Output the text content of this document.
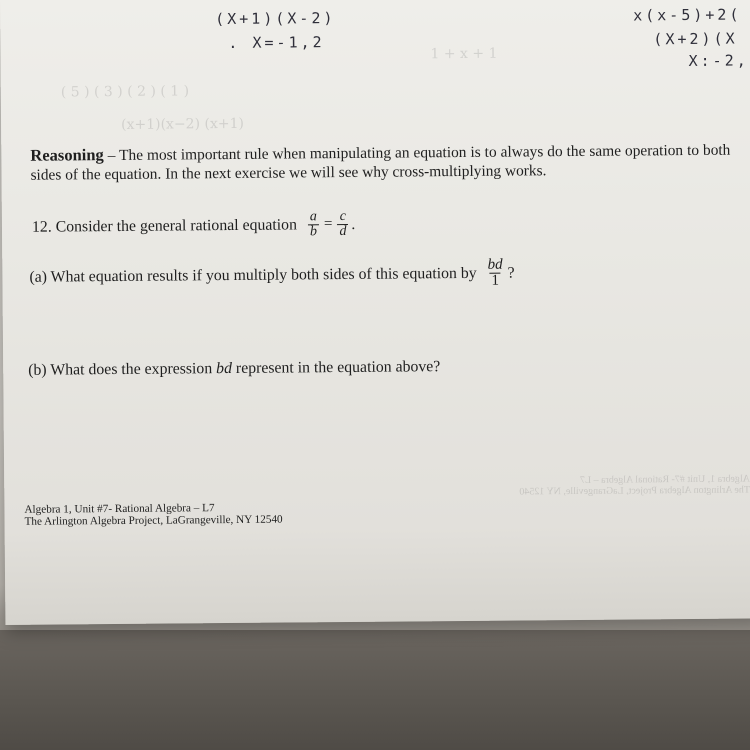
( 5 ) ( 3 ) ( 2 ) ( 1 )
(x+1)(x−2) (x+1)
1 + x + 1
(X+1)(X-2)
. X=-1,2
x(x-5)+2(
(X+2)(X
X:-2,
Reasoning – The most important rule when manipulating an equation is to always do the same operation to both sides of the equation. In the next exercise we will see why cross-multiplying works.
12. Consider the general rational equation $\frac{a}{b} = \frac{c}{d}$ .
(a) What equation results if you multiply both sides of this equation by $\frac{bd}{1}$ ?
(b) What does the expression bd represent in the equation above?
Algebra 1, Unit #7- Rational Algebra – L7
The Arlington Algebra Project, LaGrangeville, NY 12540
Algebra 1, Unit #7- Rational Algebra – L7
The Arlington Algebra Project, LaGrangeville, NY 12540
